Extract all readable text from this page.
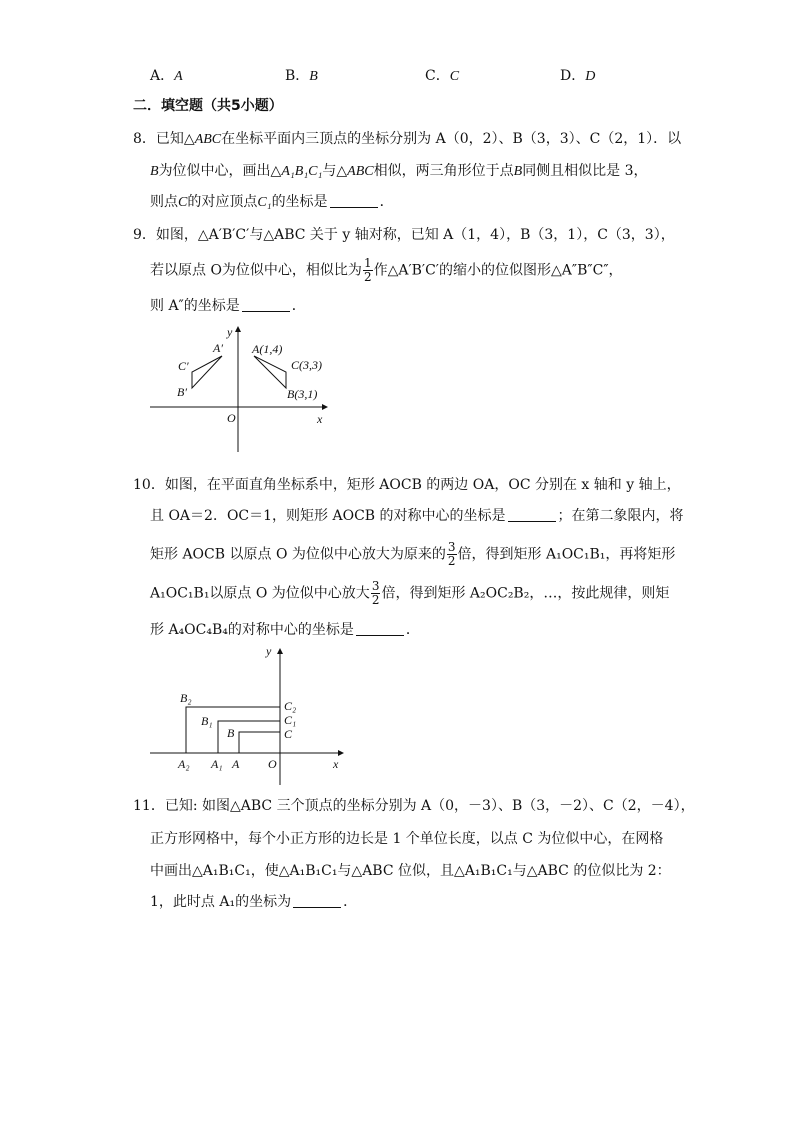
A．A	B．B	C．C	D．D
二．填空题（共5小题）
8．已知△ABC在坐标平面内三顶点的坐标分别为 A（0，2）、B（3，3）、C（2，1）．以
B为位似中心，画出△A₁B₁C₁与△ABC相似，两三角形位于点B同侧且相似比是 3，
则点C的对应顶点C₁的坐标是	．
9．如图，△A′B′C′与△ABC 关于 y 轴对称，已知 A（1，4），B（3，1），C（3，3），
若以原点 O为位似中心，相似比为 $\frac{1}{2}$ 作△A′B′C′的缩小的位似图形△A″B″C″，
则 A″的坐标是	．
y
x
O
A(1,4)
C(3,3)
B(3,1)
A′
C′
B′
10．如图，在平面直角坐标系中，矩形 AOCB 的两边 OA，OC 分别在 x 轴和 y 轴上，
且 OA＝2．OC＝1，则矩形 AOCB 的对称中心的坐标是	；在第二象限内，将
矩形 AOCB 以原点 O 为位似中心放大为原来的 $\frac{3}{2}$ 倍，得到矩形 A₁OC₁B₁，再将矩形
A₁OC₁B₁以原点 O 为位似中心放大 $\frac{3}{2}$ 倍，得到矩形 A₂OC₂B₂，…，按此规律，则矩
形 A₄OC₄B₄的对称中心的坐标是	．
y
x
O
B₂
B₁
B
C₂
C₁
C
A₂ A₁ A
11．已知: 如图△ABC 三个顶点的坐标分别为 A（0，－3）、B（3，－2）、C（2，－4），
正方形网格中，每个小正方形的边长是 1 个单位长度，以点 C 为位似中心，在网格
中画出△A₁B₁C₁，使△A₁B₁C₁与△ABC 位似，且△A₁B₁C₁与△ABC 的位似比为 2：
1，此时点 A₁的坐标为	．
